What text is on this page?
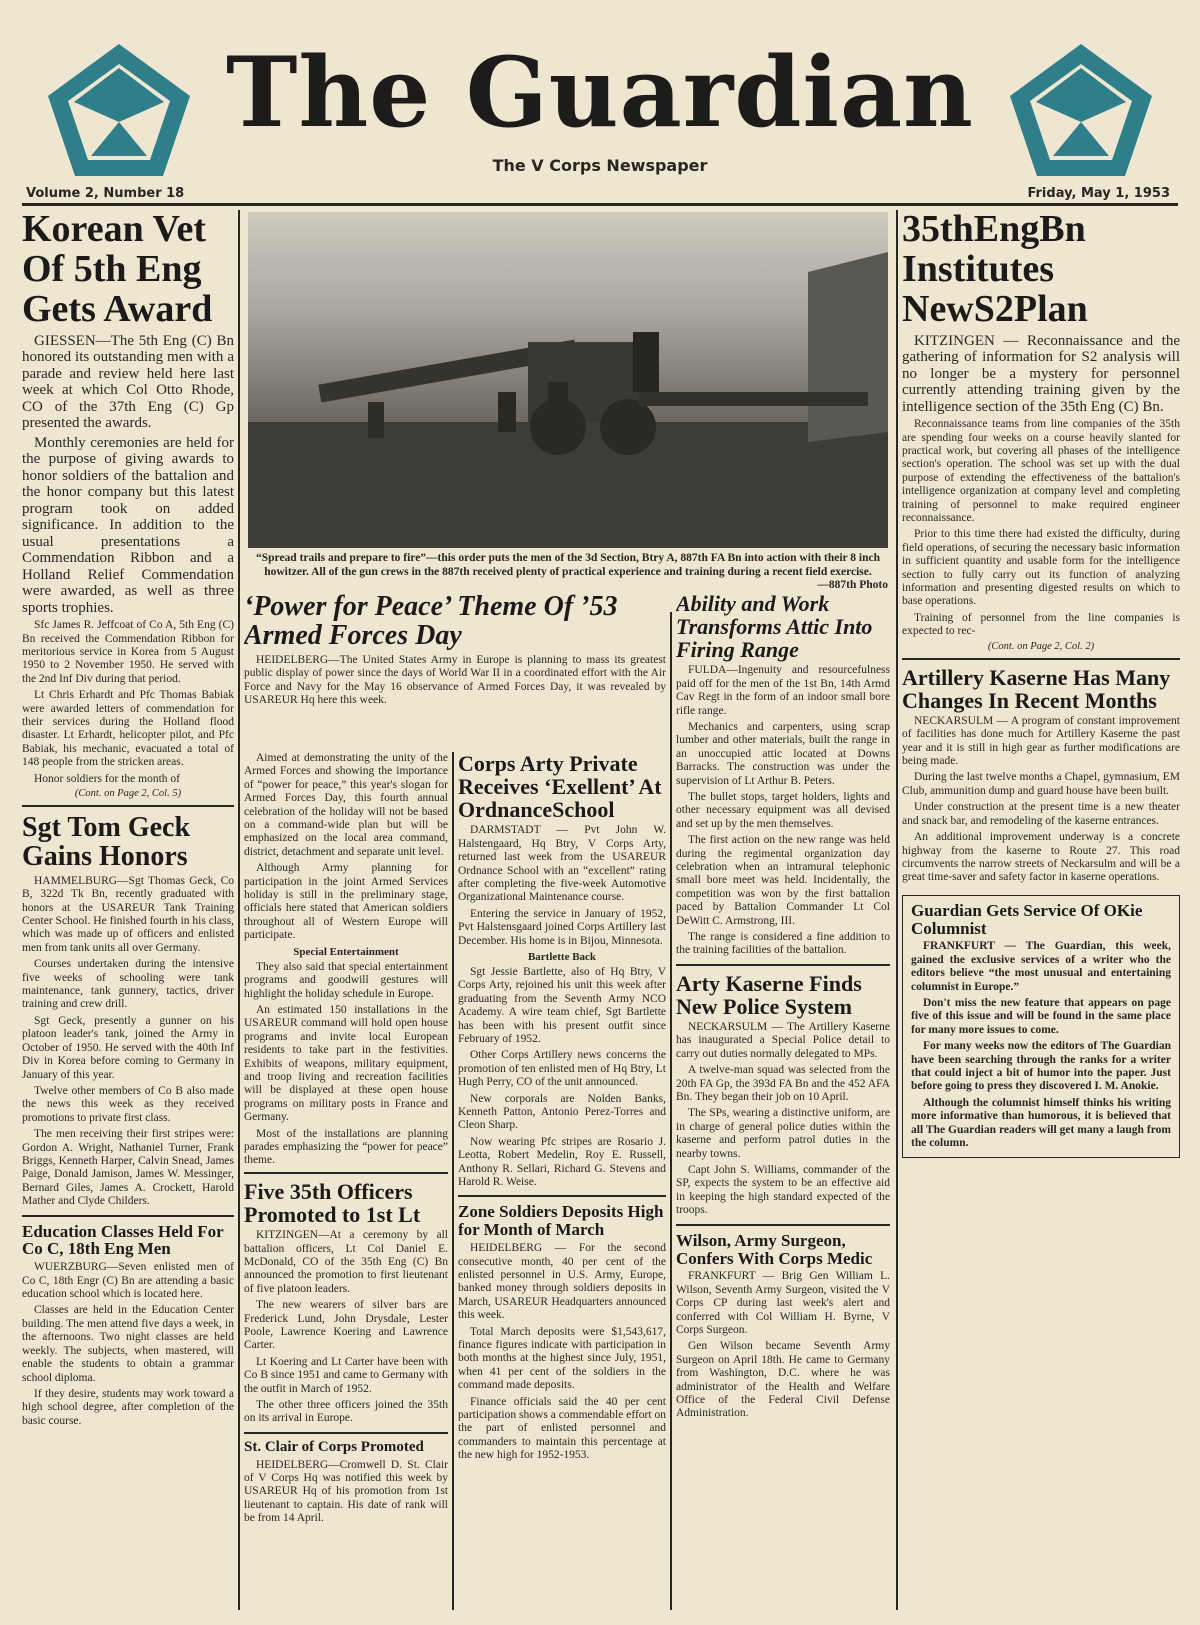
The Guardian
The V Corps Newspaper
Volume 2, Number 18	Friday, May 1, 1953
“Spread trails and prepare to fire”—this order puts the men of the 3d Section, Btry A, 887th FA Bn into action with their 8 inch howitzer. All of the gun crews in the 887th received plenty of practical experience and training during a recent field exercise.
—887th Photo
Korean Vet Of 5th Eng Gets Award

GIESSEN—The 5th Eng (C) Bn honored its outstanding men with a parade and review held here last week at which Col Otto Rhode, CO of the 37th Eng (C) Gp presented the awards.

Monthly ceremonies are held for the purpose of giving awards to honor soldiers of the battalion and the honor company but this latest program took on added significance. In addition to the usual presentations a Commendation Ribbon and a Holland Relief Commendation were awarded, as well as three sports trophies.

Sfc James R. Jeffcoat of Co A, 5th Eng (C) Bn received the Commendation Ribbon for meritorious service in Korea from 5 August 1950 to 2 November 1950. He served with the 2nd Inf Div during that period.

Lt Chris Erhardt and Pfc Thomas Babiak were awarded letters of commendation for their services during the Holland flood disaster. Lt Erhardt, helicopter pilot, and Pfc Babiak, his mechanic, evacuated a total of 148 people from the stricken areas.

Honor soldiers for the month of

(Cont. on Page 2, Col. 5)
Sgt Tom Geck Gains Honors

HAMMELBURG—Sgt Thomas Geck, Co B, 322d Tk Bn, recently graduated with honors at the USAREUR Tank Training Center School. He finished fourth in his class, which was made up of officers and enlisted men from tank units all over Germany.

Courses undertaken during the intensive five weeks of schooling were tank maintenance, tank gunnery, tactics, driver training and crew drill.

Sgt Geck, presently a gunner on his platoon leader's tank, joined the Army in October of 1950. He served with the 40th Inf Div in Korea before coming to Germany in January of this year.

Twelve other members of Co B also made the news this week as they received promotions to private first class.

The men receiving their first stripes were: Gordon A. Wright, Nathaniel Turner, Frank Briggs, Kenneth Harper, Calvin Snead, James Paige, Donald Jamison, James W. Messinger, Bernard Giles, James A. Crockett, Harold Mather and Clyde Childers.

Education Classes Held For Co C, 18th Eng Men

WUERZBURG—Seven enlisted men of Co C, 18th Engr (C) Bn are attending a basic education school which is located here.

Classes are held in the Education Center building. The men attend five days a week, in the afternoons. Two night classes are held weekly. The subjects, when mastered, will enable the students to obtain a grammar school diploma.

If they desire, students may work toward a high school degree, after completion of the basic course.

‘Power for Peace’ Theme Of ’53 Armed Forces Day

HEIDELBERG—The United States Army in Europe is planning to mass its greatest public display of power since the days of World War II in a coordinated effort with the Air Force and Navy for the May 16 observance of Armed Forces Day, it was revealed by USAREUR Hq here this week.

Aimed at demonstrating the unity of the Armed Forces and showing the importance of “power for peace,” this year's slogan for Armed Forces Day, this fourth annual celebration of the holiday will not be based on a command-wide plan but will be emphasized on the local area command, district, detachment and separate unit level.

Although Army planning for participation in the joint Armed Services holiday is still in the preliminary stage, officials here stated that American soldiers throughout all of Western Europe will participate.

Special Entertainment

They also said that special entertainment programs and goodwill gestures will highlight the holiday schedule in Europe.

An estimated 150 installations in the USAREUR command will hold open house programs and invite local European residents to take part in the festivities. Exhibits of weapons, military equipment, and troop living and recreation facilities will be displayed at these open house programs on military posts in France and Germany.

Most of the installations are planning parades emphasizing the “power for peace” theme.

Five 35th Officers Promoted to 1st Lt

KITZINGEN—At a ceremony by all battalion officers, Lt Col Daniel E. McDonald, CO of the 35th Eng (C) Bn announced the promotion to first lieutenant of five platoon leaders.

The new wearers of silver bars are Frederick Lund, John Drysdale, Lester Poole, Lawrence Koering and Lawrence Carter.

Lt Koering and Lt Carter have been with Co B since 1951 and came to Germany with the outfit in March of 1952.

The other three officers joined the 35th on its arrival in Europe.

St. Clair of Corps Promoted

HEIDELBERG—Cromwell D. St. Clair of V Corps Hq was notified this week by USAREUR Hq of his promotion from 1st lieutenant to captain. His date of rank will be from 14 April.

Corps Arty Private Receives ‘Exellent’ At OrdnanceSchool

DARMSTADT — Pvt John W. Halstengaard, Hq Btry, V Corps Arty, returned last week from the USAREUR Ordnance School with an “excellent” rating after completing the five-week Automotive Organizational Maintenance course.

Entering the service in January of 1952, Pvt Halstensgaard joined Corps Artillery last December. His home is in Bijou, Minnesota.

Bartlette Back

Sgt Jessie Bartlette, also of Hq Btry, V Corps Arty, rejoined his unit this week after graduating from the Seventh Army NCO Academy. A wire team chief, Sgt Bartlette has been with his present outfit since February of 1952.

Other Corps Artillery news concerns the promotion of ten enlisted men of Hq Btry, Lt Hugh Perry, CO of the unit announced.

New corporals are Nolden Banks, Kenneth Patton, Antonio Perez-Torres and Cleon Sharp.

Now wearing Pfc stripes are Rosario J. Leotta, Robert Medelin, Roy E. Russell, Anthony R. Sellari, Richard G. Stevens and Harold R. Weise.

Zone Soldiers Deposits High for Month of March

HEIDELBERG — For the second consecutive month, 40 per cent of the enlisted personnel in U.S. Army, Europe, banked money through soldiers deposits in March, USAREUR Headquarters announced this week.

Total March deposits were $1,543,617, finance figures indicate with participation in both months at the highest since July, 1951, when 41 per cent of the soldiers in the command made deposits.

Finance officials said the 40 per cent participation shows a commendable effort on the part of enlisted personnel and commanders to maintain this percentage at the new high for 1952-1953.

Ability and Work Transforms Attic Into Firing Range

FULDA—Ingenuity and resourcefulness paid off for the men of the 1st Bn, 14th Armd Cav Regt in the form of an indoor small bore rifle range.

Mechanics and carpenters, using scrap lumber and other materials, built the range in an unoccupied attic located at Downs Barracks. The construction was under the supervision of Lt Arthur B. Peters.

The bullet stops, target holders, lights and other necessary equipment was all devised and set up by the men themselves.

The first action on the new range was held during the regimental organization day celebration when an intramural telephonic small bore meet was held. Incidentally, the competition was won by the first battalion paced by Battalion Commander Lt Col DeWitt C. Armstrong, III.

The range is considered a fine addition to the training facilities of the battalion.

Arty Kaserne Finds New Police System

NECKARSULM — The Artillery Kaserne has inaugurated a Special Police detail to carry out duties normally delegated to MPs.

A twelve-man squad was selected from the 20th FA Gp, the 393d FA Bn and the 452 AFA Bn. They began their job on 10 April.

The SPs, wearing a distinctive uniform, are in charge of general police duties within the kaserne and perform patrol duties in the nearby towns.

Capt John S. Williams, commander of the SP, expects the system to be an effective aid in keeping the high standard expected of the troops.

Wilson, Army Surgeon, Confers With Corps Medic

FRANKFURT — Brig Gen William L. Wilson, Seventh Army Surgeon, visited the V Corps CP during last week's alert and conferred with Col William H. Byrne, V Corps Surgeon.

Gen Wilson became Seventh Army Surgeon on April 18th. He came to Germany from Washington, D.C. where he was administrator of the Health and Welfare Office of the Federal Civil Defense Administration.

35thEngBn Institutes NewS2Plan

KITZINGEN — Reconnaissance and the gathering of information for S2 analysis will no longer be a mystery for personnel currently attending training given by the intelligence section of the 35th Eng (C) Bn.

Reconnaissance teams from line companies of the 35th are spending four weeks on a course heavily slanted for practical work, but covering all phases of the intelligence section's operation. The school was set up with the dual purpose of extending the effectiveness of the battalion's intelligence organization at company level and completing training of personnel to make required engineer reconnaissance.

Prior to this time there had existed the difficulty, during field operations, of securing the necessary basic information in sufficient quantity and usable form for the intelligence section to fully carry out its function of analyzing information and presenting digested results on which to base operations.

Training of personnel from the line companies is expected to rec-

(Cont. on Page 2, Col. 2)
Artillery Kaserne Has Many Changes In Recent Months

NECKARSULM — A program of constant improvement of facilities has done much for Artillery Kaserne the past year and it is still in high gear as further modifications are being made.

During the last twelve months a Chapel, gymnasium, EM Club, ammunition dump and guard house have been built.

Under construction at the present time is a new theater and snack bar, and remodeling of the kaserne entrances.

An additional improvement underway is a concrete highway from the kaserne to Route 27. This road circumvents the narrow streets of Neckarsulm and will be a great time-saver and safety factor in kaserne operations.

Guardian Gets Service Of OKie Columnist

FRANKFURT — The Guardian, this week, gained the exclusive services of a writer who the editors believe “the most unusual and entertaining columnist in Europe.”

Don't miss the new feature that appears on page five of this issue and will be found in the same place for many more issues to come.

For many weeks now the editors of The Guardian have been searching through the ranks for a writer that could inject a bit of humor into the paper. Just before going to press they discovered I. M. Anokie.

Although the columnist himself thinks his writing more informative than humorous, it is believed that all The Guardian readers will get many a laugh from the column.
